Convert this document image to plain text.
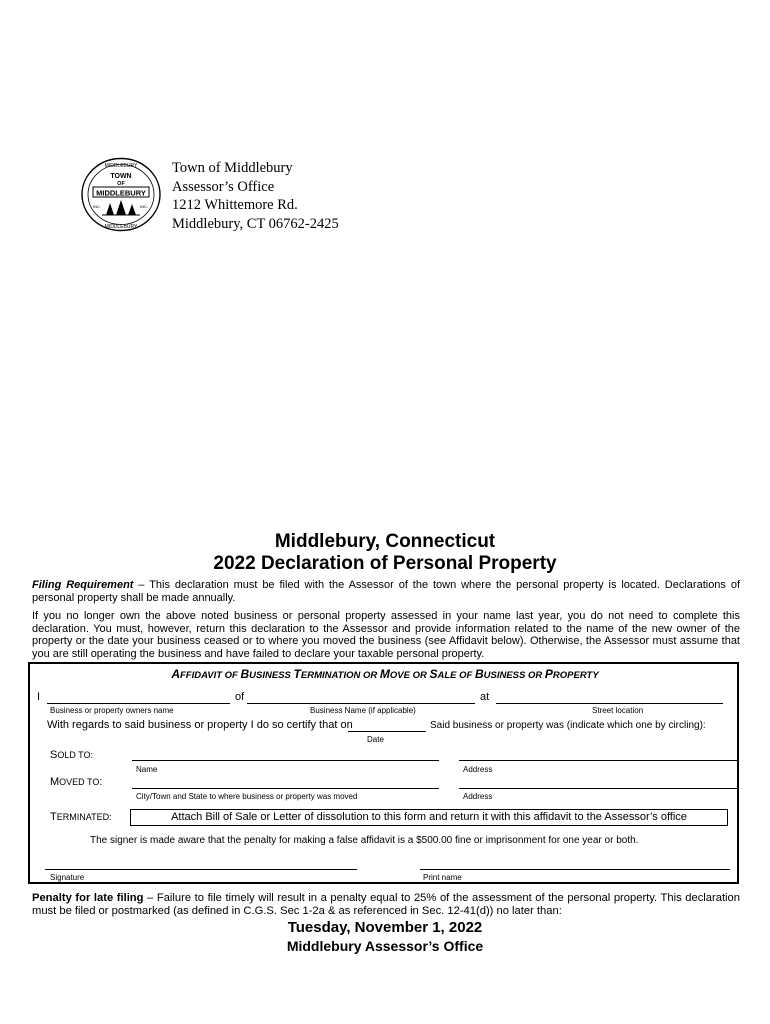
MIDDLEBURY
MIDDLEBURY
TOWN
OF
MIDDLEBURY
INC.	INC.
Town of Middlebury
Assessor’s Office
1212 Whittemore Rd.
Middlebury, CT 06762-2425
Middlebury, Connecticut
2022 Declaration of Personal Property
Filing Requirement – This declaration must be filed with the Assessor of the town where the personal property is located. Declarations of personal property shall be made annually.
If you no longer own the above noted business or personal property assessed in your name last year, you do not need to complete this declaration. You must, however, return this declaration to the Assessor and provide information related to the name of the new owner of the property or the date your business ceased or to where you moved the business (see Affidavit below). Otherwise, the Assessor must assume that you are still operating the business and have failed to declare your taxable personal property.
AFFIDAVIT OF BUSINESS TERMINATION OR MOVE OR SALE OF BUSINESS OR PROPERTY
I	of	at
Business or property owners name	Business Name (if applicable)	Street location
With regards to said business or property I do so certify that on	Said business or property was (indicate which one by circling):
Date
SOLD TO:
Name	Address
MOVED TO:
City/Town and State to where business or property was moved	Address
TERMINATED:	Attach Bill of Sale or Letter of dissolution to this form and return it with this affidavit to the Assessor’s office
The signer is made aware that the penalty for making a false affidavit is a $500.00 fine or imprisonment for one year or both.
Signature	Print name
Penalty for late filing – Failure to file timely will result in a penalty equal to 25% of the assessment of the personal property. This declaration must be filed or postmarked (as defined in C.G.S. Sec 1-2a & as referenced in Sec. 12-41(d)) no later than:
Tuesday, November 1, 2022
Middlebury Assessor’s Office
